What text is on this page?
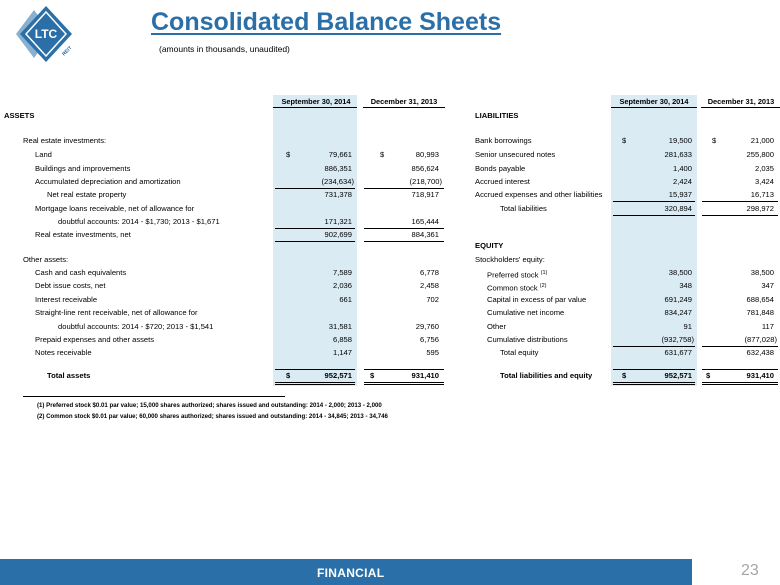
LTC
REIT
Consolidated Balance Sheets
(amounts in thousands, unaudited)
September 30, 2014	December 31, 2013	September 30, 2014	December 31, 2013
ASSETS
Real estate investments:
Land	$	79,661	$	80,993
Buildings and improvements	886,351	856,624
Accumulated depreciation and amortization	(234,634)	(218,700)
Net real estate property	731,378	718,917
Mortgage loans receivable, net of allowance for
doubtful accounts: 2014 - $1,730; 2013 - $1,671	171,321	165,444
Real estate investments, net	902,699	884,361
Other assets:
Cash and cash equivalents	7,589	6,778
Debt issue costs, net	2,036	2,458
Interest receivable	661	702
Straight-line rent receivable, net of allowance for
doubtful accounts: 2014 - $720; 2013 - $1,541	31,581	29,760
Prepaid expenses and other assets	6,858	6,756
Notes receivable	1,147	595
Total assets	$	952,571 $	931,410
LIABILITIES
Bank borrowings	$	19,500	$	21,000
Senior unsecured notes	281,633	255,800
Bonds payable	1,400	2,035
Accrued interest	2,424	3,424
Accrued expenses and other liabilities	15,937	16,713
Total liabilities	320,894	298,972
EQUITY
Stockholders' equity:
Preferred stock $^{(1)}$	38,500	38,500
Common stock $^{(2)}$	348	347
Capital in excess of par value	691,249	688,654
Cumulative net income	834,247	781,848
Other	91	117
Cumulative distributions	(932,758)	(877,028)
Total equity	631,677	632,438
Total liabilities and equity	$	952,571 $	931,410
(1) Preferred stock $0.01 par value; 15,000 shares authorized; shares issued and outstanding: 2014 - 2,000; 2013 - 2,000
(2) Common stock $0.01 par value; 60,000 shares authorized; shares issued and outstanding: 2014 - 34,845; 2013 - 34,746
FINANCIAL	23
